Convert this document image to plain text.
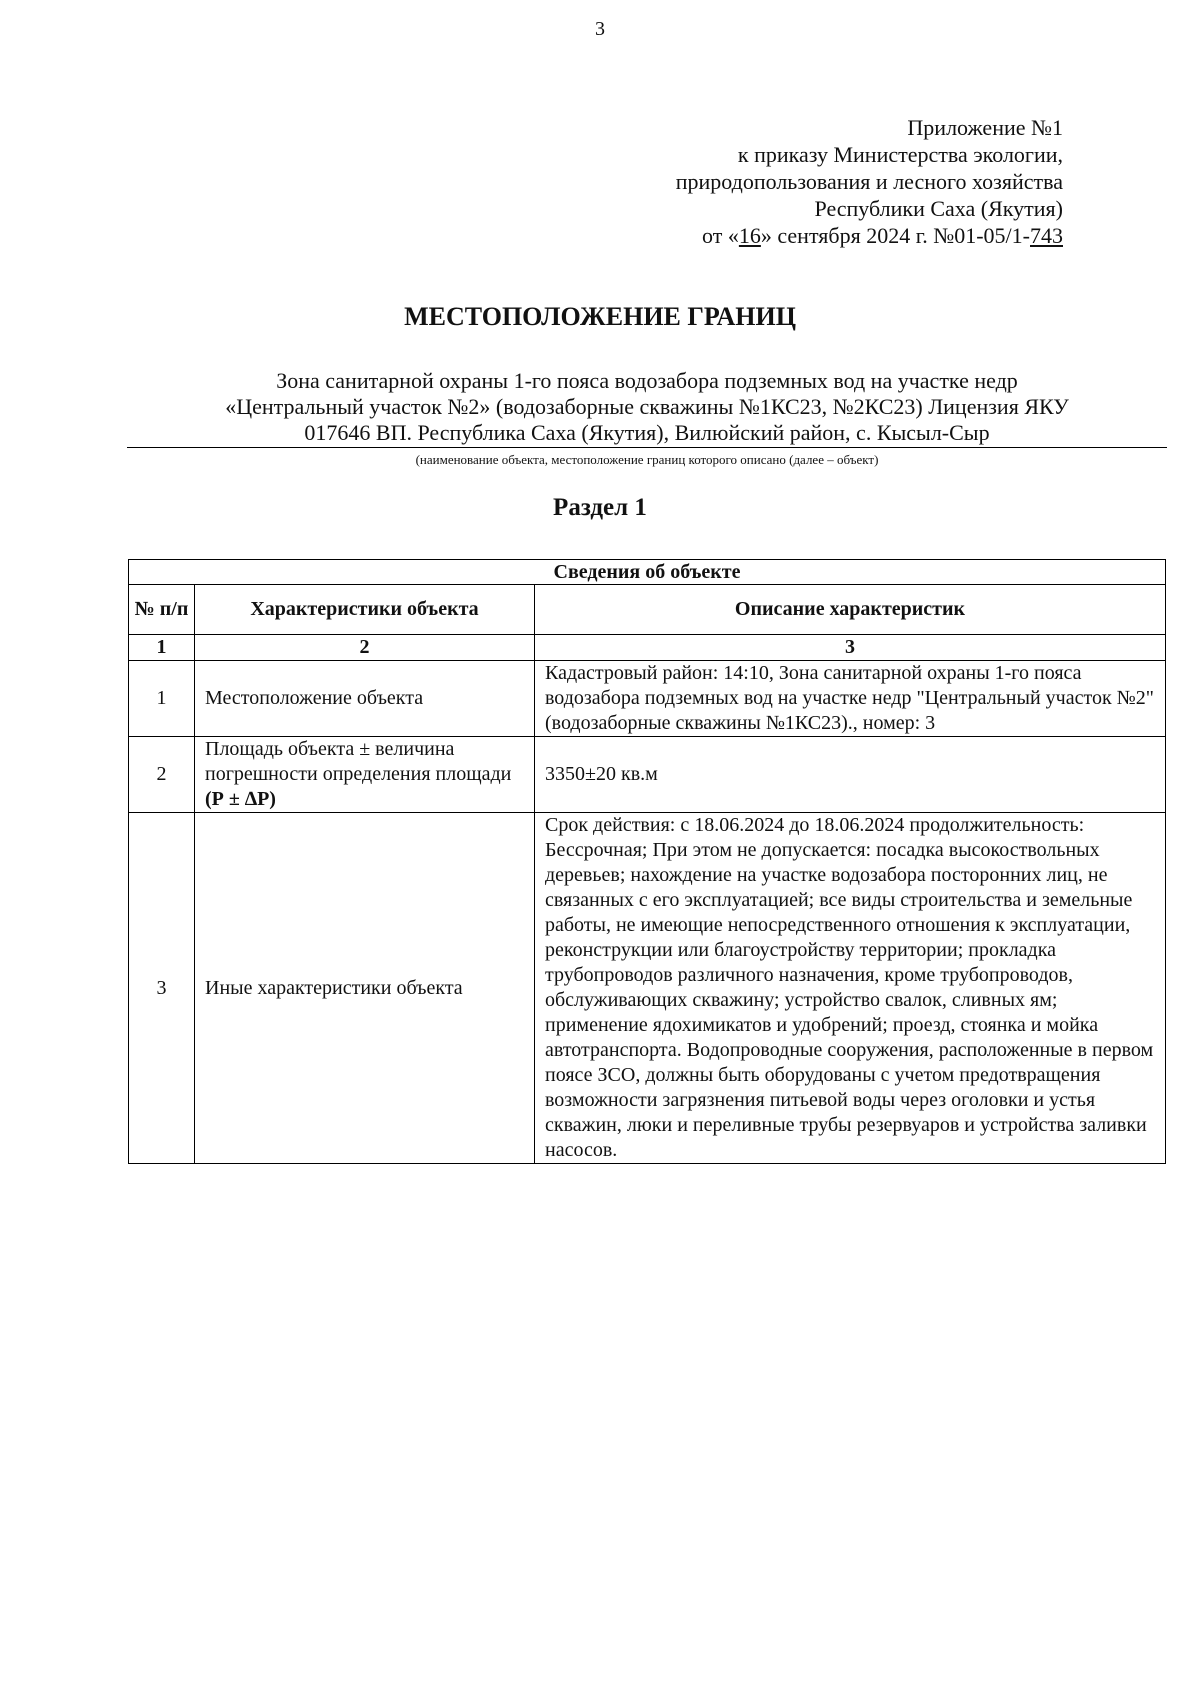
3
Приложение №1
к приказу Министерства экологии,
природопользования и лесного хозяйства
Республики Саха (Якутия)
от «16» сентября 2024 г. №01-05/1-743
МЕСТОПОЛОЖЕНИЕ ГРАНИЦ
Зона санитарной охраны 1-го пояса водозабора подземных вод на участке недр
«Центральный участок №2» (водозаборные скважины №1КС23, №2КС23) Лицензия ЯКУ
017646 ВП. Республика Саха (Якутия), Вилюйский район, с. Кысыл-Сыр
(наименование объекта, местоположение границ которого описано (далее – объект)
Раздел 1
Сведения об объекте		
№ п/п	Характеристики объекта	Описание характеристик
1	2	3
1	Местоположение объекта	Кадастровый район: 14:10, Зона санитарной охраны 1-го пояса водозабора подземных вод на участке недр "Центральный участок №2" (водозаборные скважины №1КС23)., номер: 3
2	Площадь объекта ± величина погрешности определения площади (Р ± ∆Р)	3350±20 кв.м
3	Иные характеристики объекта	Срок действия: с 18.06.2024 до 18.06.2024 продолжительность: Бессрочная; При этом не допускается: посадка высокоствольных деревьев; нахождение на участке водозабора посторонних лиц, не связанных с его эксплуатацией; все виды строительства и земельные работы, не имеющие непосредственного отношения к эксплуатации, реконструкции или благоустройству территории; прокладка трубопроводов различного назначения, кроме трубопроводов, обслуживающих скважину; устройство свалок, сливных ям; применение ядохимикатов и удобрений; проезд, стоянка и мойка автотранспорта. Водопроводные сооружения, расположенные в первом поясе ЗСО, должны быть оборудованы с учетом предотвращения возможности загрязнения питьевой воды через оголовки и устья скважин, люки и переливные трубы резервуаров и устройства заливки насосов.
